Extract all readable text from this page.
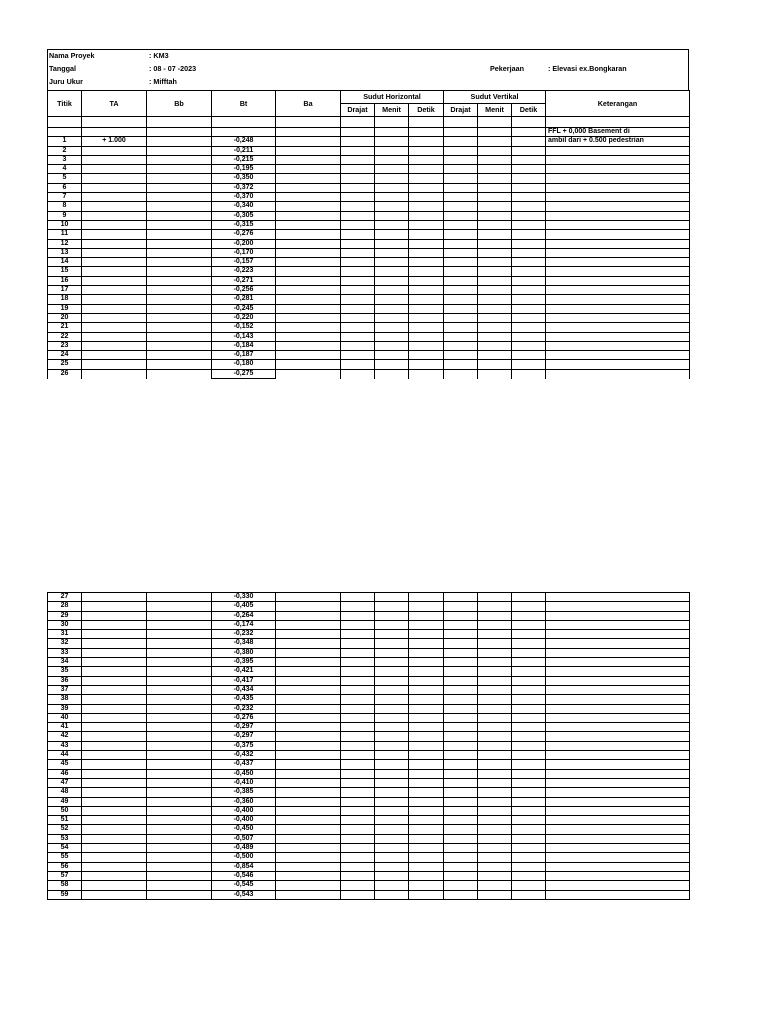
Nama Proyek	: KM3
Tanggal	: 08 - 07 -2023
Juru Ukur	: Mifftah
Pekerjaan	: Elevasi ex.Bongkaran
Titik	TA	Bb	Bt	Ba	Sudut Horizontal			Sudut Vertikal			Keterangan
					Drajat	Menit	Detik	Drajat	Menit	Detik	

											FFL + 0,000 Basement di
1	+ 1.000		-0,248								ambil dari + 0.500 pedestrian
2			-0,211								
3			-0,215								
4			-0,195								
5			-0,350								
6			-0,372								
7			-0,370								
8			-0,340								
9			-0,305								
10			-0,315								
11			-0,276								
12			-0,200								
13			-0,170								
14			-0,157								
15			-0,223								
16			-0,271								
17			-0,256								
18			-0,281								
19			-0,245								
20			-0,220								
21			-0,152								
22			-0,143								
23			-0,184								
24			-0,187								
25			-0,180								
26			-0,275								
27			-0,330								
28			-0,405								
29			-0,264								
30			-0,174								
31			-0,232								
32			-0,348								
33			-0,380								
34			-0,395								
35			-0,421								
36			-0,417								
37			-0,434								
38			-0,435								
39			-0,232								
40			-0,276								
41			-0,297								
42			-0,297								
43			-0,375								
44			-0,432								
45			-0,437								
46			-0,450								
47			-0,410								
48			-0,385								
49			-0,360								
50			-0,400								
51			-0,400								
52			-0,450								
53			-0,507								
54			-0,489								
55			-0,500								
56			-0,854								
57			-0,546								
58			-0,545								
59			-0,543								
